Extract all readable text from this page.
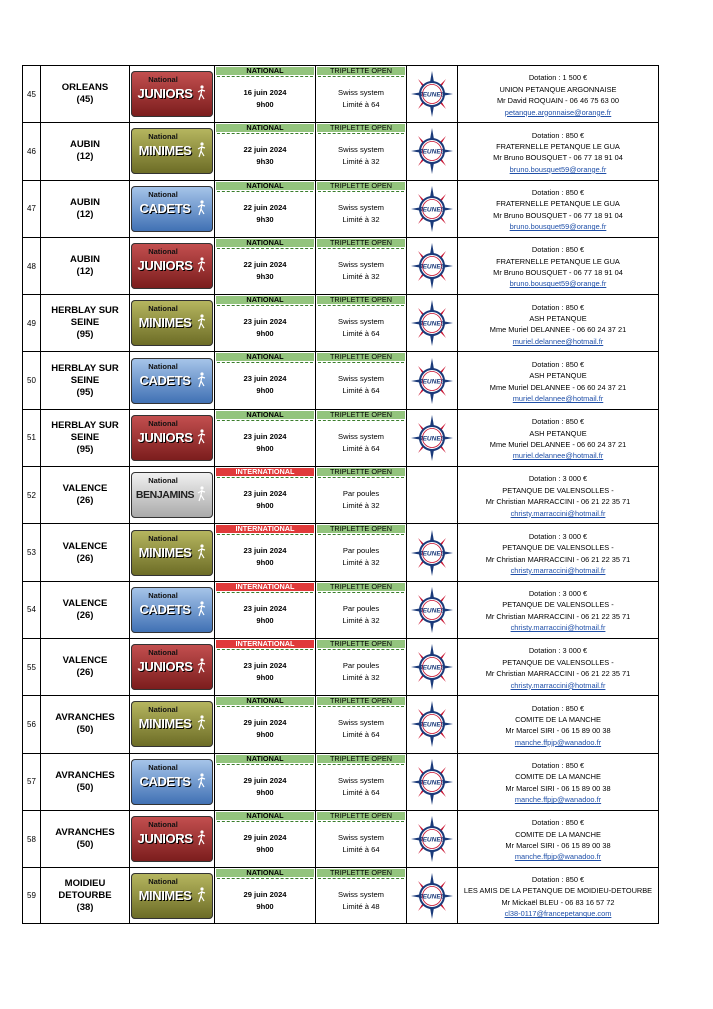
45
ORLEANS
(45)
National
JUNIORS
NATIONAL
16 juin 2024
9h00
TRIPLETTE OPEN
Swiss system
Limité à 64
JEUNES
Dotation : 1 500 €
UNION PETANQUE ARGONNAISE
Mr David ROQUAIN - 06 46 75 63 00
petanque.argonnaise@orange.fr
46
AUBIN
(12)
National
MINIMES
NATIONAL
22 juin 2024
9h30
TRIPLETTE OPEN
Swiss system
Limité à 32
JEUNES
Dotation : 850 €
FRATERNELLE PETANQUE LE GUA
Mr Bruno BOUSQUET - 06 77 18 91 04
bruno.bousquet59@orange.fr
47
AUBIN
(12)
National
CADETS
NATIONAL
22 juin 2024
9h30
TRIPLETTE OPEN
Swiss system
Limité à 32
JEUNES
Dotation : 850 €
FRATERNELLE PETANQUE LE GUA
Mr Bruno BOUSQUET - 06 77 18 91 04
bruno.bousquet59@orange.fr
48
AUBIN
(12)
National
JUNIORS
NATIONAL
22 juin 2024
9h30
TRIPLETTE OPEN
Swiss system
Limité à 32
JEUNES
Dotation : 850 €
FRATERNELLE PETANQUE LE GUA
Mr Bruno BOUSQUET - 06 77 18 91 04
bruno.bousquet59@orange.fr
49
HERBLAY SUR
SEINE
(95)
National
MINIMES
NATIONAL
23 juin 2024
9h00
TRIPLETTE OPEN
Swiss system
Limité à 64
JEUNES
Dotation : 850 €
ASH PETANQUE
Mme Muriel DELANNEE - 06 60 24 37 21
muriel.delannee@hotmail.fr
50
HERBLAY SUR
SEINE
(95)
National
CADETS
NATIONAL
23 juin 2024
9h00
TRIPLETTE OPEN
Swiss system
Limité à 64
JEUNES
Dotation : 850 €
ASH PETANQUE
Mme Muriel DELANNEE - 06 60 24 37 21
muriel.delannee@hotmail.fr
51
HERBLAY SUR
SEINE
(95)
National
JUNIORS
NATIONAL
23 juin 2024
9h00
TRIPLETTE OPEN
Swiss system
Limité à 64
JEUNES
Dotation : 850 €
ASH PETANQUE
Mme Muriel DELANNEE - 06 60 24 37 21
muriel.delannee@hotmail.fr
52
VALENCE
(26)
National
BENJAMINS
INTERNATIONAL
23 juin 2024
9h00
TRIPLETTE OPEN
Par poules
Limité à 32
Dotation : 3 000 €
PETANQUE DE VALENSOLLES -
Mr Christian MARRACCINI - 06 21 22 35 71
christy.marraccini@hotmail.fr
53
VALENCE
(26)
National
MINIMES
INTERNATIONAL
23 juin 2024
9h00
TRIPLETTE OPEN
Par poules
Limité à 32
JEUNES
Dotation : 3 000 €
PETANQUE DE VALENSOLLES -
Mr Christian MARRACCINI - 06 21 22 35 71
christy.marraccini@hotmail.fr
54
VALENCE
(26)
National
CADETS
INTERNATIONAL
23 juin 2024
9h00
TRIPLETTE OPEN
Par poules
Limité à 32
JEUNES
Dotation : 3 000 €
PETANQUE DE VALENSOLLES -
Mr Christian MARRACCINI - 06 21 22 35 71
christy.marraccini@hotmail.fr
55
VALENCE
(26)
National
JUNIORS
INTERNATIONAL
23 juin 2024
9h00
TRIPLETTE OPEN
Par poules
Limité à 32
JEUNES
Dotation : 3 000 €
PETANQUE DE VALENSOLLES -
Mr Christian MARRACCINI - 06 21 22 35 71
christy.marraccini@hotmail.fr
56
AVRANCHES
(50)
National
MINIMES
NATIONAL
29 juin 2024
9h00
TRIPLETTE OPEN
Swiss system
Limité à 64
JEUNES
Dotation : 850 €
COMITE DE LA MANCHE
Mr Marcel SIRI - 06 15 89 00 38
manche.ffpjp@wanadoo.fr
57
AVRANCHES
(50)
National
CADETS
NATIONAL
29 juin 2024
9h00
TRIPLETTE OPEN
Swiss system
Limité à 64
JEUNES
Dotation : 850 €
COMITE DE LA MANCHE
Mr Marcel SIRI - 06 15 89 00 38
manche.ffpjp@wanadoo.fr
58
AVRANCHES
(50)
National
JUNIORS
NATIONAL
29 juin 2024
9h00
TRIPLETTE OPEN
Swiss system
Limité à 64
JEUNES
Dotation : 850 €
COMITE DE LA MANCHE
Mr Marcel SIRI - 06 15 89 00 38
manche.ffpjp@wanadoo.fr
59
MOIDIEU
DETOURBE
(38)
National
MINIMES
NATIONAL
29 juin 2024
9h00
TRIPLETTE OPEN
Swiss system
Limité à 48
JEUNES
Dotation : 850 €
LES AMIS DE LA PETANQUE DE MOIDIEU-DETOURBE
Mr Mickaël BLEU - 06 83 16 57 72
cl38-0117@francepetanque.com
